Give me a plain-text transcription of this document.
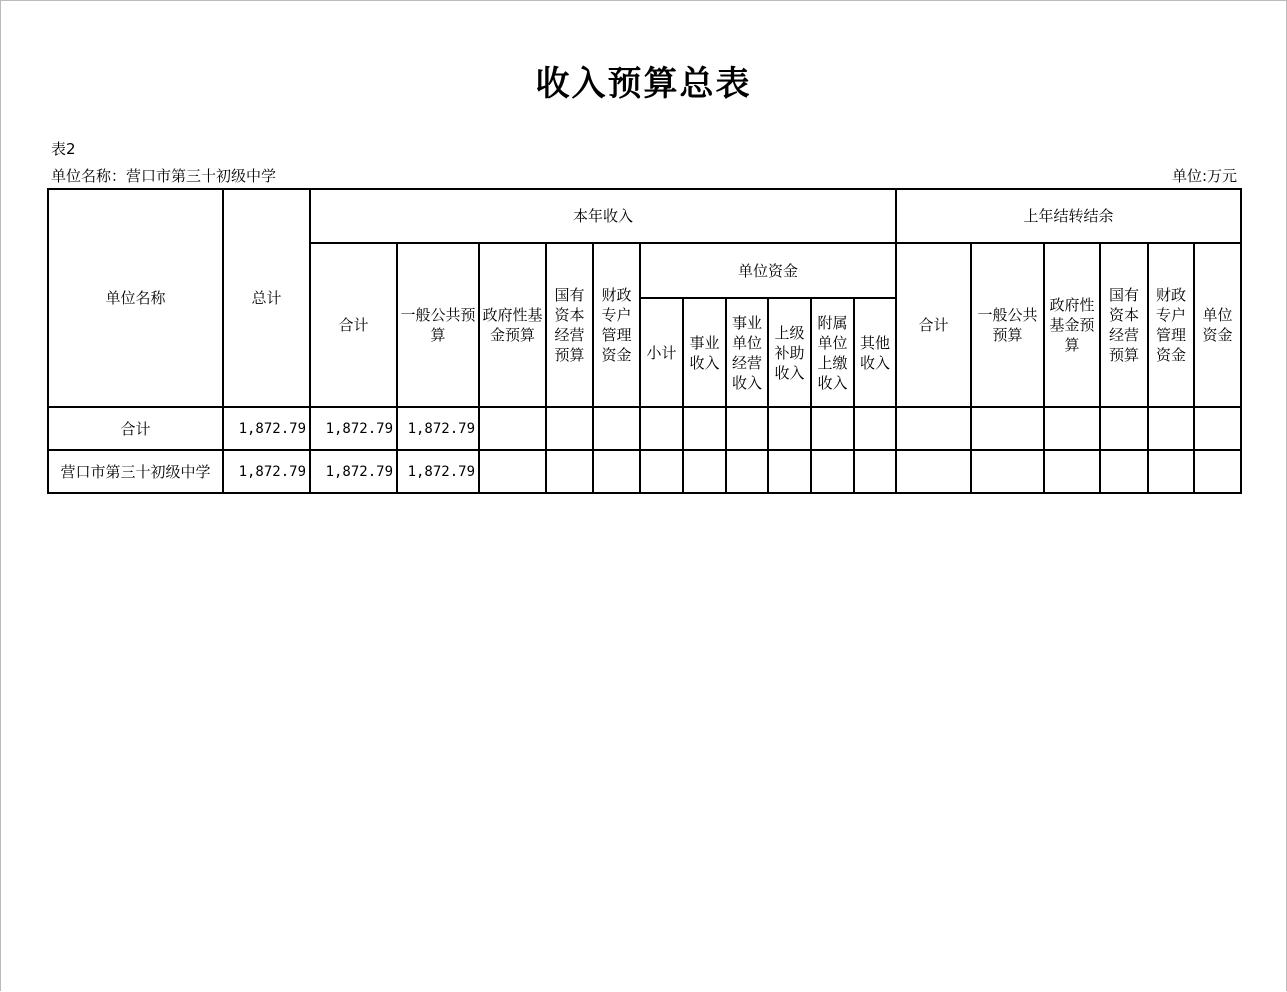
收入预算总表
表2
单位名称：营口市第三十初级中学	单位:万元
单位名称	总计	本年收入											上年结转结余					
		合计	一般公共预算	政府性基金预算	国有资本经营预算	财政专户管理资金	单位资金						合计	一般公共预算	政府性基金预算	国有资本经营预算	财政专户管理资金	单位资金
							小计	事业收入	事业单位经营收入	上级补助收入	附属单位上缴收入	其他收入						
合计	1,872.79	1,872.79	1,872.79															
营口市第三十初级中学	1,872.79	1,872.79	1,872.79															
